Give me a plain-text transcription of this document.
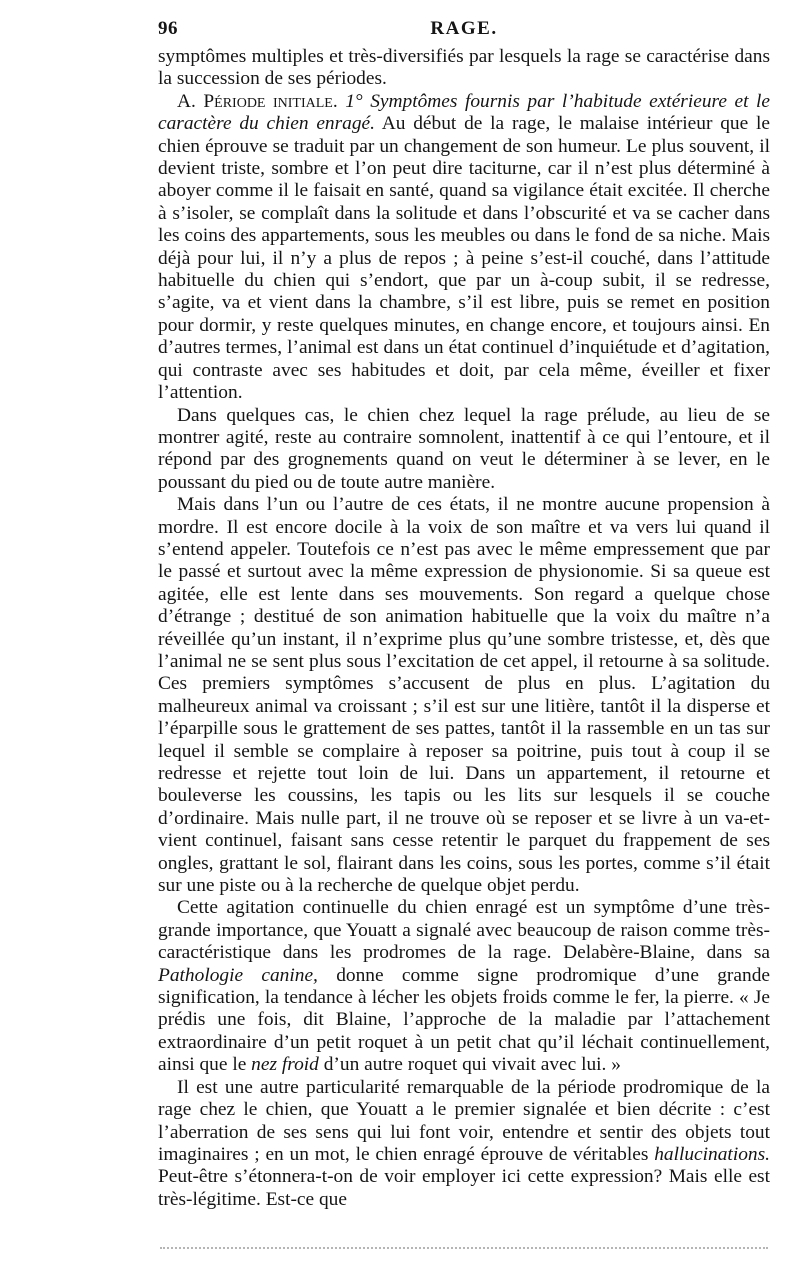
96	RAGE.

symptômes multiples et très-diversifiés par lesquels la rage se caractérise dans la succession de ses périodes.

A. Période initiale. 1° Symptômes fournis par l’habitude extérieure et le caractère du chien enragé. Au début de la rage, le malaise intérieur que le chien éprouve se traduit par un changement de son humeur. Le plus souvent, il devient triste, sombre et l’on peut dire taciturne, car il n’est plus déterminé à aboyer comme il le faisait en santé, quand sa vigilance était excitée. Il cherche à s’isoler, se complaît dans la solitude et dans l’obscurité et va se cacher dans les coins des appartements, sous les meubles ou dans le fond de sa niche. Mais déjà pour lui, il n’y a plus de repos ; à peine s’est-il couché, dans l’attitude habituelle du chien qui s’endort, que par un à-coup subit, il se redresse, s’agite, va et vient dans la chambre, s’il est libre, puis se remet en position pour dormir, y reste quelques minutes, en change encore, et toujours ainsi. En d’autres termes, l’animal est dans un état continuel d’inquiétude et d’agitation, qui contraste avec ses habitudes et doit, par cela même, éveiller et fixer l’attention.

Dans quelques cas, le chien chez lequel la rage prélude, au lieu de se montrer agité, reste au contraire somnolent, inattentif à ce qui l’entoure, et il répond par des grognements quand on veut le déterminer à se lever, en le poussant du pied ou de toute autre manière.

Mais dans l’un ou l’autre de ces états, il ne montre aucune propension à mordre. Il est encore docile à la voix de son maître et va vers lui quand il s’entend appeler. Toutefois ce n’est pas avec le même empressement que par le passé et surtout avec la même expression de physionomie. Si sa queue est agitée, elle est lente dans ses mouvements. Son regard a quelque chose d’étrange ; destitué de son animation habituelle que la voix du maître n’a réveillée qu’un instant, il n’exprime plus qu’une sombre tristesse, et, dès que l’animal ne se sent plus sous l’excitation de cet appel, il retourne à sa solitude. Ces premiers symptômes s’accusent de plus en plus. L’agitation du malheureux animal va croissant ; s’il est sur une litière, tantôt il la disperse et l’éparpille sous le grattement de ses pattes, tantôt il la rassemble en un tas sur lequel il semble se complaire à reposer sa poitrine, puis tout à coup il se redresse et rejette tout loin de lui. Dans un appartement, il retourne et bouleverse les coussins, les tapis ou les lits sur lesquels il se couche d’ordinaire. Mais nulle part, il ne trouve où se reposer et se livre à un va-et-vient continuel, faisant sans cesse retentir le parquet du frappement de ses ongles, grattant le sol, flairant dans les coins, sous les portes, comme s’il était sur une piste ou à la recherche de quelque objet perdu.

Cette agitation continuelle du chien enragé est un symptôme d’une très-grande importance, que Youatt a signalé avec beaucoup de raison comme très-caractéristique dans les prodromes de la rage. Delabère-Blaine, dans sa Pathologie canine, donne comme signe prodromique d’une grande signification, la tendance à lécher les objets froids comme le fer, la pierre. « Je prédis une fois, dit Blaine, l’approche de la maladie par l’attachement extraordinaire d’un petit roquet à un petit chat qu’il léchait continuellement, ainsi que le nez froid d’un autre roquet qui vivait avec lui. »

Il est une autre particularité remarquable de la période prodromique de la rage chez le chien, que Youatt a le premier signalée et bien décrite : c’est l’aberration de ses sens qui lui font voir, entendre et sentir des objets tout imaginaires ; en un mot, le chien enragé éprouve de véritables hallucinations. Peut-être s’étonnera-t-on de voir employer ici cette expression? Mais elle est très-légitime. Est-ce que
